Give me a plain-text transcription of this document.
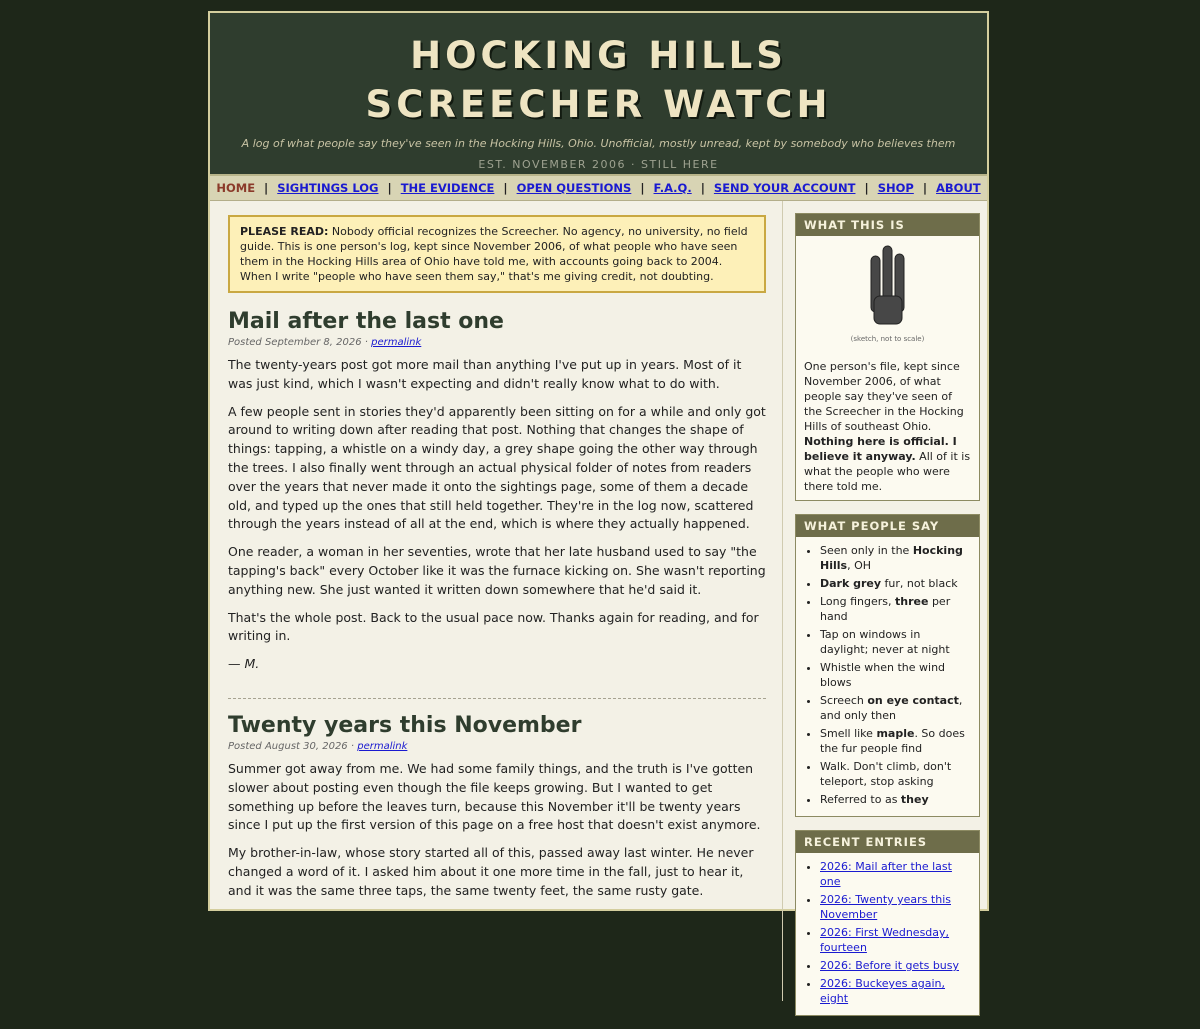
HOCKING HILLS SCREECHER WATCH

A log of what people say they've seen in the Hocking Hills, Ohio. Unofficial, mostly unread, kept by somebody who believes them

EST. NOVEMBER 2006 · STILL HERE

HOME | SIGHTINGS LOG | THE EVIDENCE | OPEN QUESTIONS | F.A.Q. | SEND YOUR ACCOUNT | SHOP | ABOUT
PLEASE READ: Nobody official recognizes the Screecher. No agency, no university, no field guide. This is one person's log, kept since November 2006, of what people who have seen them in the Hocking Hills area of Ohio have told me, with accounts going back to 2004. When I write "people who have seen them say," that's me giving credit, not doubting.
Mail after the last one
Posted September 8, 2026 · permalink

The twenty-years post got more mail than anything I've put up in years. Most of it was just kind, which I wasn't expecting and didn't really know what to do with.

A few people sent in stories they'd apparently been sitting on for a while and only got around to writing down after reading that post. Nothing that changes the shape of things: tapping, a whistle on a windy day, a grey shape going the other way through the trees. I also finally went through an actual physical folder of notes from readers over the years that never made it onto the sightings page, some of them a decade old, and typed up the ones that still held together. They're in the log now, scattered through the years instead of all at the end, which is where they actually happened.

One reader, a woman in her seventies, wrote that her late husband used to say "the tapping's back" every October like it was the furnace kicking on. She wasn't reporting anything new. She just wanted it written down somewhere that he'd said it.

That's the whole post. Back to the usual pace now. Thanks again for reading, and for writing in.

— M.

Twenty years this November
Posted August 30, 2026 · permalink

Summer got away from me. We had some family things, and the truth is I've gotten slower about posting even though the file keeps growing. But I wanted to get something up before the leaves turn, because this November it'll be twenty years since I put up the first version of this page on a free host that doesn't exist anymore.

My brother-in-law, whose story started all of this, passed away last winter. He never changed a word of it. I asked him about it one more time in the fall, just to hear it, and it was the same three taps, the same twenty feet, the same rusty gate.

WHAT THIS IS
(sketch, not to scale)
One person's file, kept since November 2006, of what people say they've seen of the Screecher in the Hocking Hills of southeast Ohio. Nothing here is official. I believe it anyway. All of it is what the people who were there told me.
WHAT PEOPLE SAY
• Seen only in the Hocking Hills, OH
• Dark grey fur, not black
• Long fingers, three per hand
• Tap on windows in daylight; never at night
• Whistle when the wind blows
• Screech on eye contact, and only then
• Smell like maple. So does the fur people find
• Walk. Don't climb, don't teleport, stop asking
• Referred to as they
RECENT ENTRIES
• 2026: Mail after the last one
• 2026: Twenty years this November
• 2026: First Wednesday, fourteen
• 2026: Before it gets busy
• 2026: Buckeyes again, eight
